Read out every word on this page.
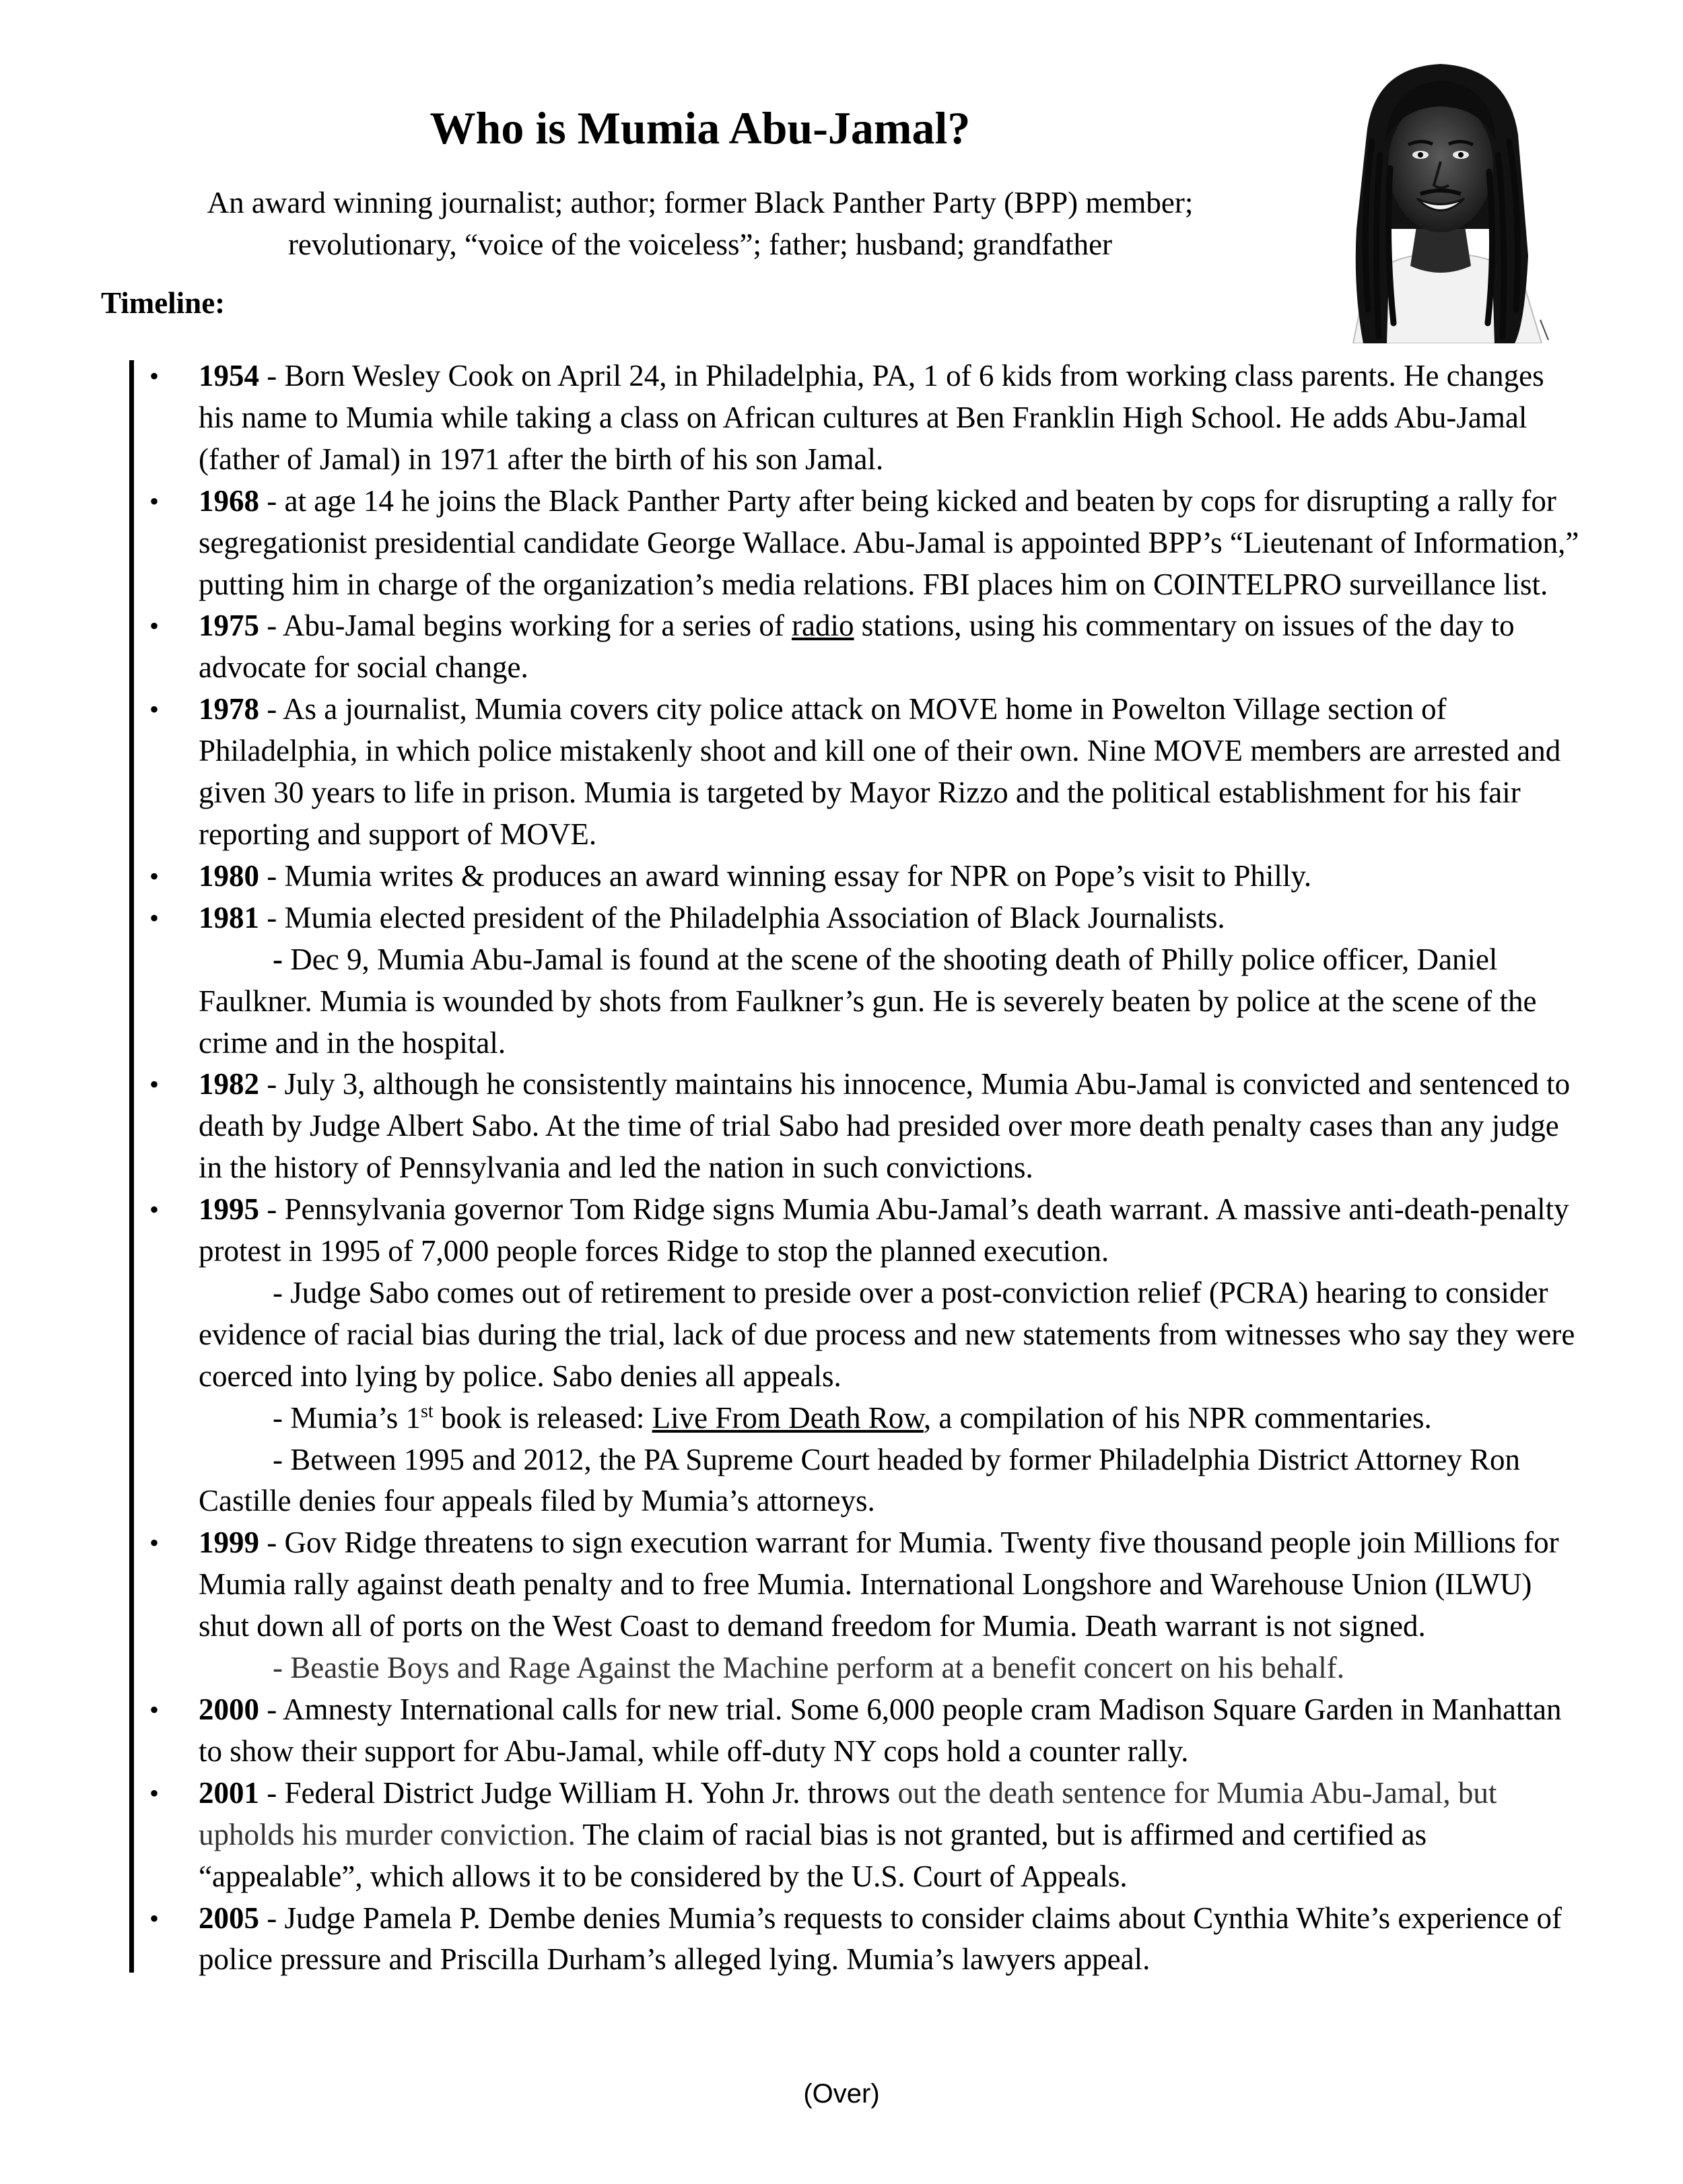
Who is Mumia Abu-Jamal?
An award winning journalist; author; former Black Panther Party (BPP) member;
revolutionary, “voice of the voiceless”; father; husband; grandfather
Timeline:
• 1954 - Born Wesley Cook on April 24, in Philadelphia, PA, 1 of 6 kids from working class parents. He changes his name to Mumia while taking a class on African cultures at Ben Franklin High School. He adds Abu-Jamal (father of Jamal) in 1971 after the birth of his son Jamal.

• 1968 - at age 14 he joins the Black Panther Party after being kicked and beaten by cops for disrupting a rally for segregationist presidential candidate George Wallace. Abu-Jamal is appointed BPP’s “Lieutenant of Information,” putting him in charge of the organization’s media relations. FBI places him on COINTELPRO surveillance list.

• 1975 - Abu-Jamal begins working for a series of radio stations, using his commentary on issues of the day to advocate for social change.

• 1978 - As a journalist, Mumia covers city police attack on MOVE home in Powelton Village section of Philadelphia, in which police mistakenly shoot and kill one of their own. Nine MOVE members are arrested and given 30 years to life in prison. Mumia is targeted by Mayor Rizzo and the political establishment for his fair reporting and support of MOVE.

• 1980 - Mumia writes & produces an award winning essay for NPR on Pope’s visit to Philly.

• 1981 - Mumia elected president of the Philadelphia Association of Black Journalists.

- Dec 9, Mumia Abu-Jamal is found at the scene of the shooting death of Philly police officer, Daniel Faulkner. Mumia is wounded by shots from Faulkner’s gun. He is severely beaten by police at the scene of the crime and in the hospital.

• 1982 - July 3, although he consistently maintains his innocence, Mumia Abu-Jamal is convicted and sentenced to death by Judge Albert Sabo. At the time of trial Sabo had presided over more death penalty cases than any judge in the history of Pennsylvania and led the nation in such convictions.

• 1995 - Pennsylvania governor Tom Ridge signs Mumia Abu-Jamal’s death warrant. A massive anti-death-penalty protest in 1995 of 7,000 people forces Ridge to stop the planned execution.

- Judge Sabo comes out of retirement to preside over a post-conviction relief (PCRA) hearing to consider evidence of racial bias during the trial, lack of due process and new statements from witnesses who say they were coerced into lying by police. Sabo denies all appeals.

- Mumia’s 1st book is released: Live From Death Row, a compilation of his NPR commentaries.

- Between 1995 and 2012, the PA Supreme Court headed by former Philadelphia District Attorney Ron Castille denies four appeals filed by Mumia’s attorneys.

• 1999 - Gov Ridge threatens to sign execution warrant for Mumia. Twenty five thousand people join Millions for Mumia rally against death penalty and to free Mumia. International Longshore and Warehouse Union (ILWU) shut down all of ports on the West Coast to demand freedom for Mumia. Death warrant is not signed.

- Beastie Boys and Rage Against the Machine perform at a benefit concert on his behalf.

• 2000 - Amnesty International calls for new trial. Some 6,000 people cram Madison Square Garden in Manhattan to show their support for Abu-Jamal, while off-duty NY cops hold a counter rally.

• 2001 - Federal District Judge William H. Yohn Jr. throws out the death sentence for Mumia Abu-Jamal, but upholds his murder conviction. The claim of racial bias is not granted, but is affirmed and certified as “appealable”, which allows it to be considered by the U.S. Court of Appeals.

• 2005 - Judge Pamela P. Dembe denies Mumia’s requests to consider claims about Cynthia White’s experience of police pressure and Priscilla Durham’s alleged lying. Mumia’s lawyers appeal.

(Over)
